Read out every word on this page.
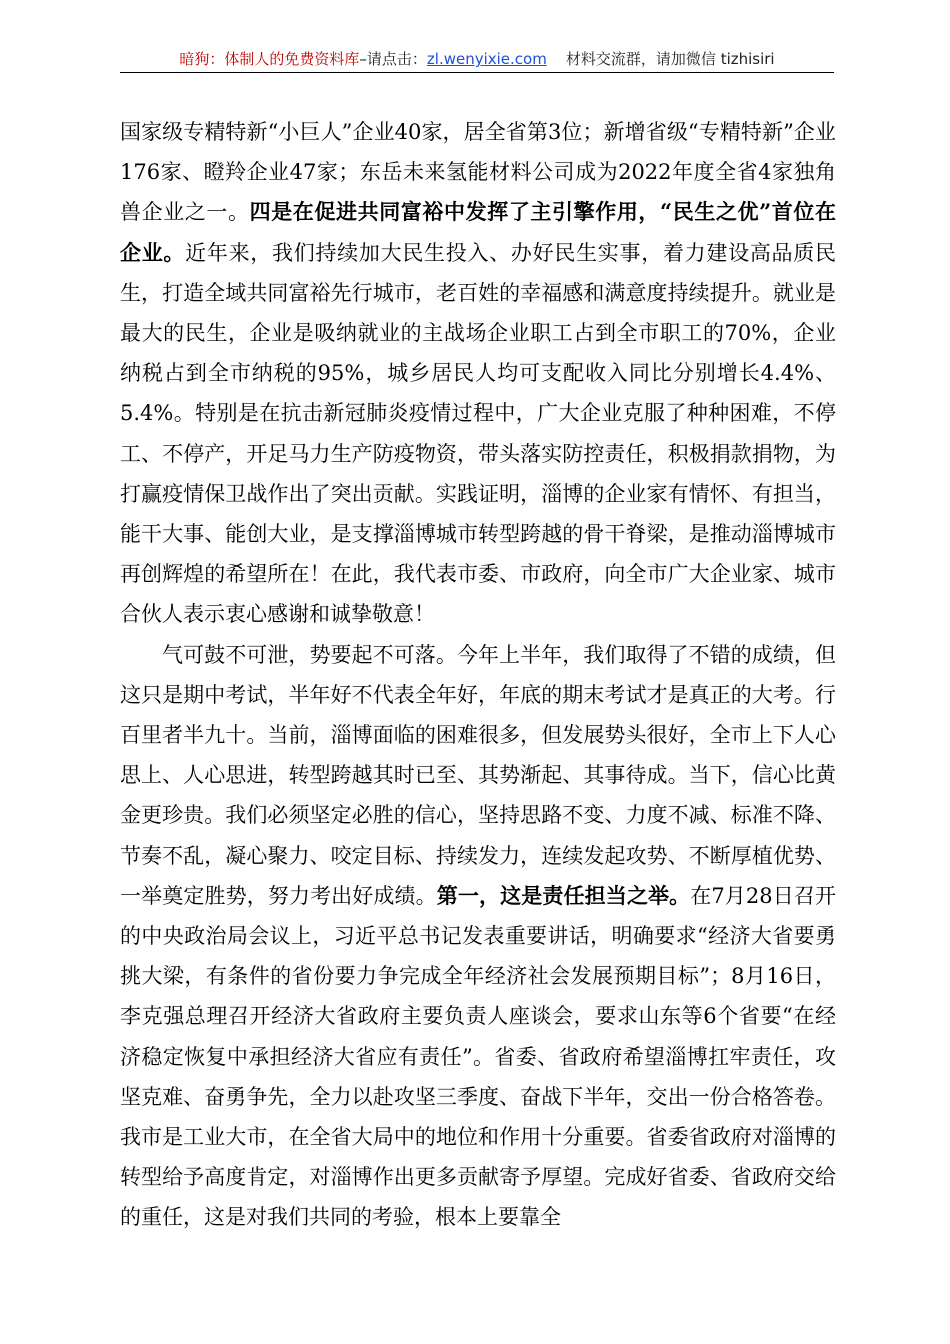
暗狗：体制人的免费资料库–请点击：zl.wenyixie.com 材料交流群，请加微信 tizhisiri

国家级专精特新“小巨人”企业40家，居全省第3位；新增省级“专精特新”企业176家、瞪羚企业47家；东岳未来氢能材料公司成为2022年度全省4家独角兽企业之一。四是在促进共同富裕中发挥了主引擎作用，“民生之优”首位在企业。近年来，我们持续加大民生投入、办好民生实事，着力建设高品质民生，打造全域共同富裕先行城市，老百姓的幸福感和满意度持续提升。就业是最大的民生，企业是吸纳就业的主战场企业职工占到全市职工的70%，企业纳税占到全市纳税的95%，城乡居民人均可支配收入同比分别增长4.4%、5.4%。特别是在抗击新冠肺炎疫情过程中，广大企业克服了种种困难，不停工、不停产，开足马力生产防疫物资，带头落实防控责任，积极捐款捐物，为打赢疫情保卫战作出了突出贡献。实践证明，淄博的企业家有情怀、有担当，能干大事、能创大业，是支撑淄博城市转型跨越的骨干脊梁，是推动淄博城市再创辉煌的希望所在！在此，我代表市委、市政府，向全市广大企业家、城市合伙人表示衷心感谢和诚挚敬意！

气可鼓不可泄，势要起不可落。今年上半年，我们取得了不错的成绩，但这只是期中考试，半年好不代表全年好，年底的期末考试才是真正的大考。行百里者半九十。当前，淄博面临的困难很多，但发展势头很好，全市上下人心思上、人心思进，转型跨越其时已至、其势渐起、其事待成。当下，信心比黄金更珍贵。我们必须坚定必胜的信心，坚持思路不变、力度不减、标准不降、节奏不乱，凝心聚力、咬定目标、持续发力，连续发起攻势、不断厚植优势、一举奠定胜势，努力考出好成绩。第一，这是责任担当之举。在7月28日召开的中央政治局会议上，习近平总书记发表重要讲话，明确要求“经济大省要勇挑大梁，有条件的省份要力争完成全年经济社会发展预期目标”；8月16日，李克强总理召开经济大省政府主要负责人座谈会，要求山东等6个省要“在经济稳定恢复中承担经济大省应有责任”。省委、省政府希望淄博扛牢责任，攻坚克难、奋勇争先，全力以赴攻坚三季度、奋战下半年，交出一份合格答卷。我市是工业大市，在全省大局中的地位和作用十分重要。省委省政府对淄博的转型给予高度肯定，对淄博作出更多贡献寄予厚望。完成好省委、省政府交给的重任，这是对我们共同的考验，根本上要靠全
